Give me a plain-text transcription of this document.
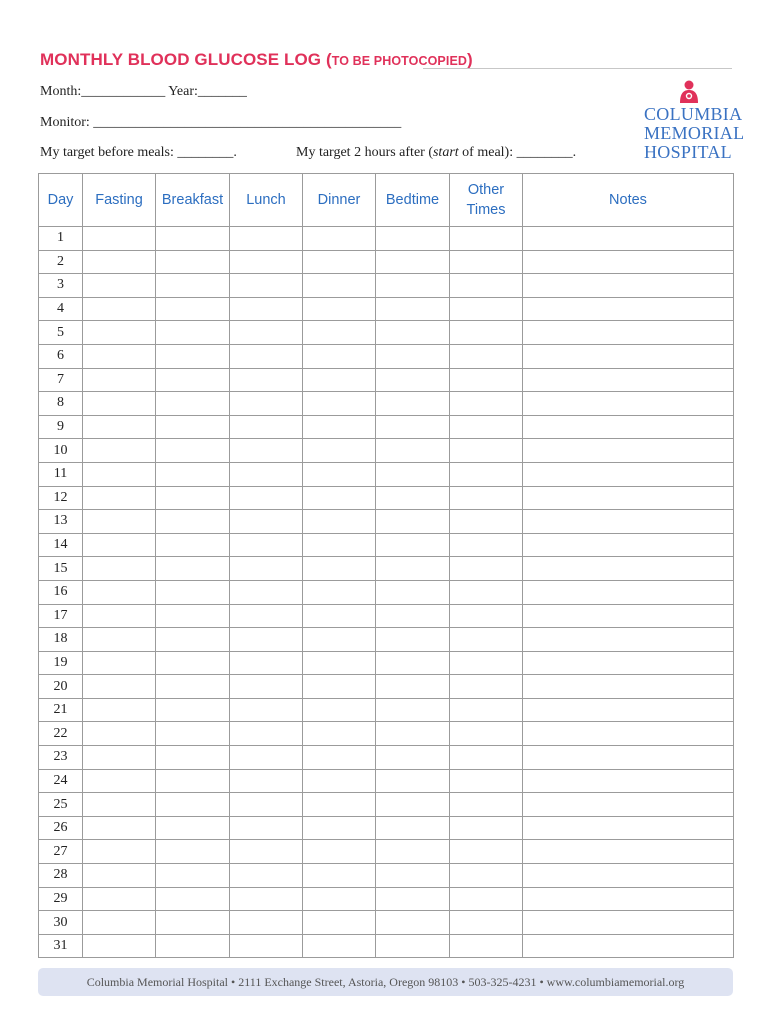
MONTHLY BLOOD GLUCOSE LOG (TO BE PHOTOCOPIED)
Month:____________ Year:_______
Monitor: ____________________________________________
My target before meals: ________.	My target 2 hours after (start of meal): ________.
COLUMBIA
MEMORIAL
HOSPITAL
Day	Fasting	Breakfast	Lunch	Dinner	Bedtime	Other Times	Notes
1							
2							
3							
4							
5							
6							
7							
8							
9							
10							
11							
12							
13							
14							
15							
16							
17							
18							
19							
20							
21							
22							
23							
24							
25							
26							
27							
28							
29							
30							
31							
Columbia Memorial Hospital • 2111 Exchange Street, Astoria, Oregon 98103 • 503-325-4231 • www.columbiamemorial.org
